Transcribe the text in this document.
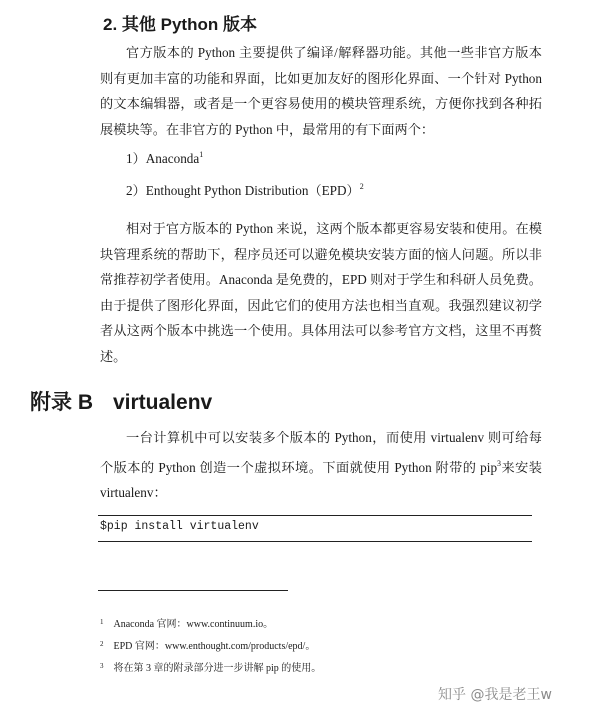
2. 其他 Python 版本
官方版本的 Python 主要提供了编译/解释器功能。其他一些非官方版本则有更加丰富的功能和界面，比如更加友好的图形化界面、一个针对 Python 的文本编辑器，或者是一个更容易使用的模块管理系统，方便你找到各种拓展模块等。在非官方的 Python 中，最常用的有下面两个：
1）Anaconda$^1$
2）Enthought Python Distribution（EPD）$^2$
相对于官方版本的 Python 来说，这两个版本都更容易安装和使用。在模块管理系统的帮助下，程序员还可以避免模块安装方面的恼人问题。所以非常推荐初学者使用。Anaconda 是免费的，EPD 则对于学生和科研人员免费。由于提供了图形化界面，因此它们的使用方法也相当直观。我强烈建议初学者从这两个版本中挑选一个使用。具体用法可以参考官方文档，这里不再赘述。
附录 B virtualenv
一台计算机中可以安装多个版本的 Python，而使用 virtualenv 则可给每个版本的 Python 创造一个虚拟环境。下面就使用 Python 附带的 pip$^3$来安装 virtualenv：
$pip install virtualenv
$^1$ Anaconda 官网：www.continuum.io。
$^2$ EPD 官网：www.enthought.com/products/epd/。
$^3$ 将在第 3 章的附录部分进一步讲解 pip 的使用。
知乎 @我是老王w
